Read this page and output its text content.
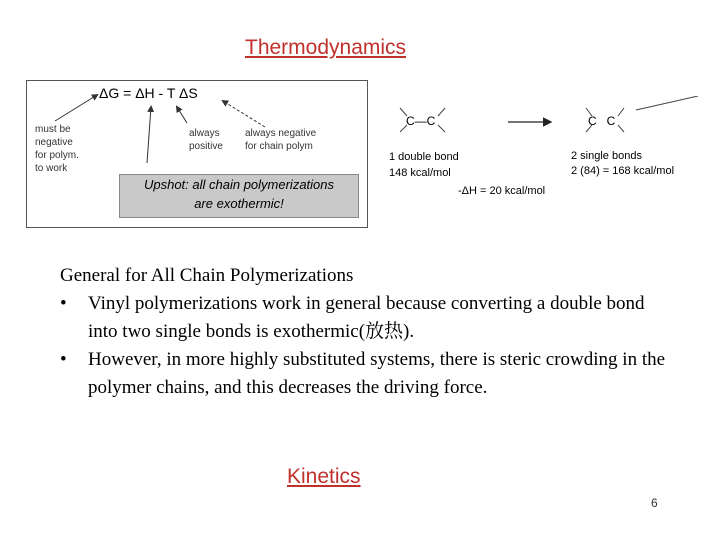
Thermodynamics
ΔG = ΔH - T ΔS
must be
negative
for polym.
to work
always
positive
always negative
for chain polym
Upshot: all chain polymerizations
are exothermic!
C—C	C   C
1 double bond
148 kcal/mol
2 single bonds
2 (84) = 168 kcal/mol
-ΔH = 20 kcal/mol

General for All Chain Polymerizations

•	Vinyl polymerizations work in general because converting a double bond into two single bonds is exothermic(放热).
•	However, in more highly substituted systems, there is steric crowding in the polymer chains, and this decreases the driving force.
Kinetics
6
